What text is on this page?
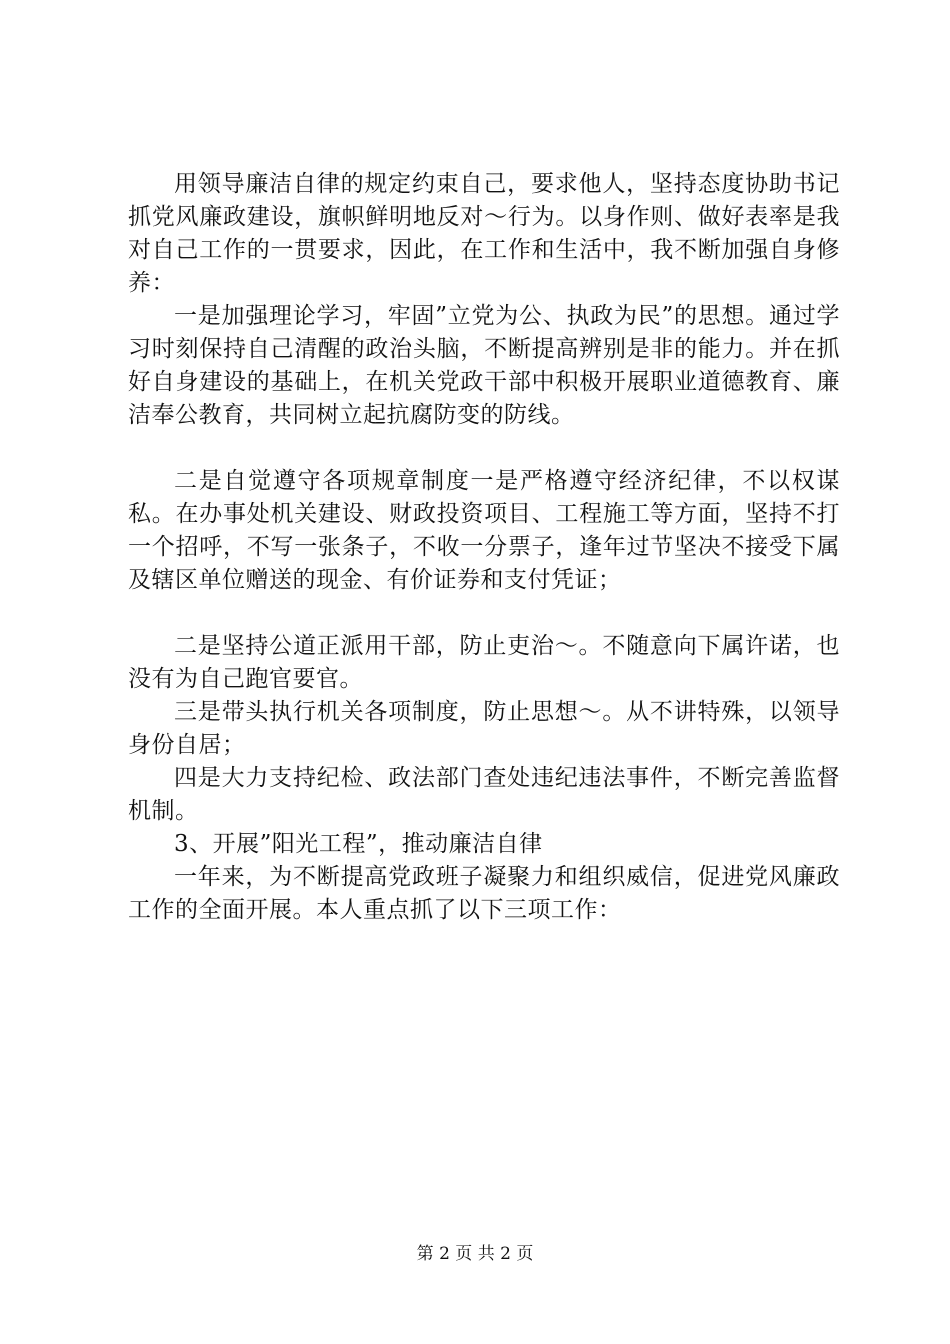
用领导廉洁自律的规定约束自己，要求他人，坚持态度协助书记抓党风廉政建设，旗帜鲜明地反对～行为。以身作则、做好表率是我对自己工作的一贯要求，因此，在工作和生活中，我不断加强自身修养：

一是加强理论学习，牢固”立党为公、执政为民”的思想。通过学习时刻保持自己清醒的政治头脑，不断提高辨别是非的能力。并在抓好自身建设的基础上，在机关党政干部中积极开展职业道德教育、廉洁奉公教育，共同树立起抗腐防变的防线。

二是自觉遵守各项规章制度一是严格遵守经济纪律，不以权谋私。在办事处机关建设、财政投资项目、工程施工等方面，坚持不打一个招呼，不写一张条子，不收一分票子，逢年过节坚决不接受下属及辖区单位赠送的现金、有价证券和支付凭证；

二是坚持公道正派用干部，防止吏治～。不随意向下属许诺，也没有为自己跑官要官。

三是带头执行机关各项制度，防止思想～。从不讲特殊，以领导身份自居；

四是大力支持纪检、政法部门查处违纪违法事件，不断完善监督机制。

3、开展”阳光工程”，推动廉洁自律

一年来，为不断提高党政班子凝聚力和组织威信，促进党风廉政工作的全面开展。本人重点抓了以下三项工作：

第 2 页 共 2 页
